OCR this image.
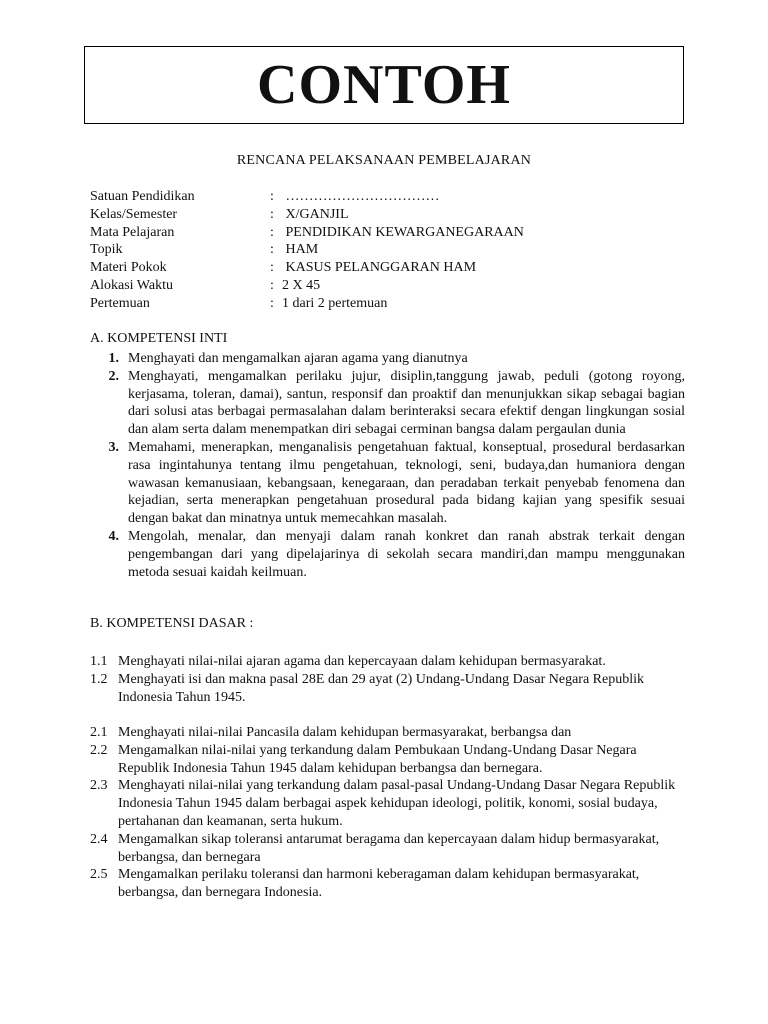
CONTOH
RENCANA PELAKSANAAN PEMBELAJARAN
Satuan Pendidikan	: ……………………………
Kelas/Semester	: X/GANJIL
Mata Pelajaran	: PENDIDIKAN KEWARGANEGARAAN
Topik	: HAM
Materi Pokok	: KASUS PELANGGARAN HAM
Alokasi Waktu	: 2 X 45
Pertemuan	: 1 dari 2 pertemuan
A. KOMPETENSI INTI
1. Menghayati dan mengamalkan ajaran agama yang dianutnya
2. Menghayati, mengamalkan perilaku jujur, disiplin,tanggung jawab, peduli (gotong royong, kerjasama, toleran, damai), santun, responsif dan proaktif dan menunjukkan sikap sebagai bagian dari solusi atas berbagai permasalahan dalam berinteraksi secara efektif dengan lingkungan sosial dan alam serta dalam menempatkan diri sebagai cerminan bangsa dalam pergaulan dunia
3. Memahami, menerapkan, menganalisis pengetahuan faktual, konseptual, prosedural berdasarkan rasa ingintahunya tentang ilmu pengetahuan, teknologi, seni, budaya,dan humaniora dengan wawasan kemanusiaan, kebangsaan, kenegaraan, dan peradaban terkait penyebab fenomena dan kejadian, serta menerapkan pengetahuan prosedural pada bidang kajian yang spesifik sesuai dengan bakat dan minatnya untuk memecahkan masalah.
4. Mengolah, menalar, dan menyaji dalam ranah konkret dan ranah abstrak terkait dengan pengembangan dari yang dipelajarinya di sekolah secara mandiri,dan mampu menggunakan metoda sesuai kaidah keilmuan.
B. KOMPETENSI DASAR :
1.1 Menghayati nilai-nilai ajaran agama dan kepercayaan dalam kehidupan bermasyarakat.
1.2 Menghayati isi dan makna pasal 28E dan 29 ayat (2) Undang-Undang Dasar Negara Republik Indonesia Tahun 1945.
2.1 Menghayati nilai-nilai Pancasila dalam kehidupan bermasyarakat, berbangsa dan
2.2 Mengamalkan nilai-nilai yang terkandung dalam Pembukaan Undang-Undang Dasar Negara Republik Indonesia Tahun 1945 dalam kehidupan berbangsa dan bernegara.
2.3 Menghayati nilai-nilai yang terkandung dalam pasal-pasal Undang-Undang Dasar Negara Republik Indonesia Tahun 1945 dalam berbagai aspek kehidupan ideologi, politik, konomi, sosial budaya, pertahanan dan keamanan, serta hukum.
2.4 Mengamalkan sikap toleransi antarumat beragama dan kepercayaan dalam hidup bermasyarakat, berbangsa, dan bernegara
2.5 Mengamalkan perilaku toleransi dan harmoni keberagaman dalam kehidupan bermasyarakat, berbangsa, dan bernegara Indonesia.
